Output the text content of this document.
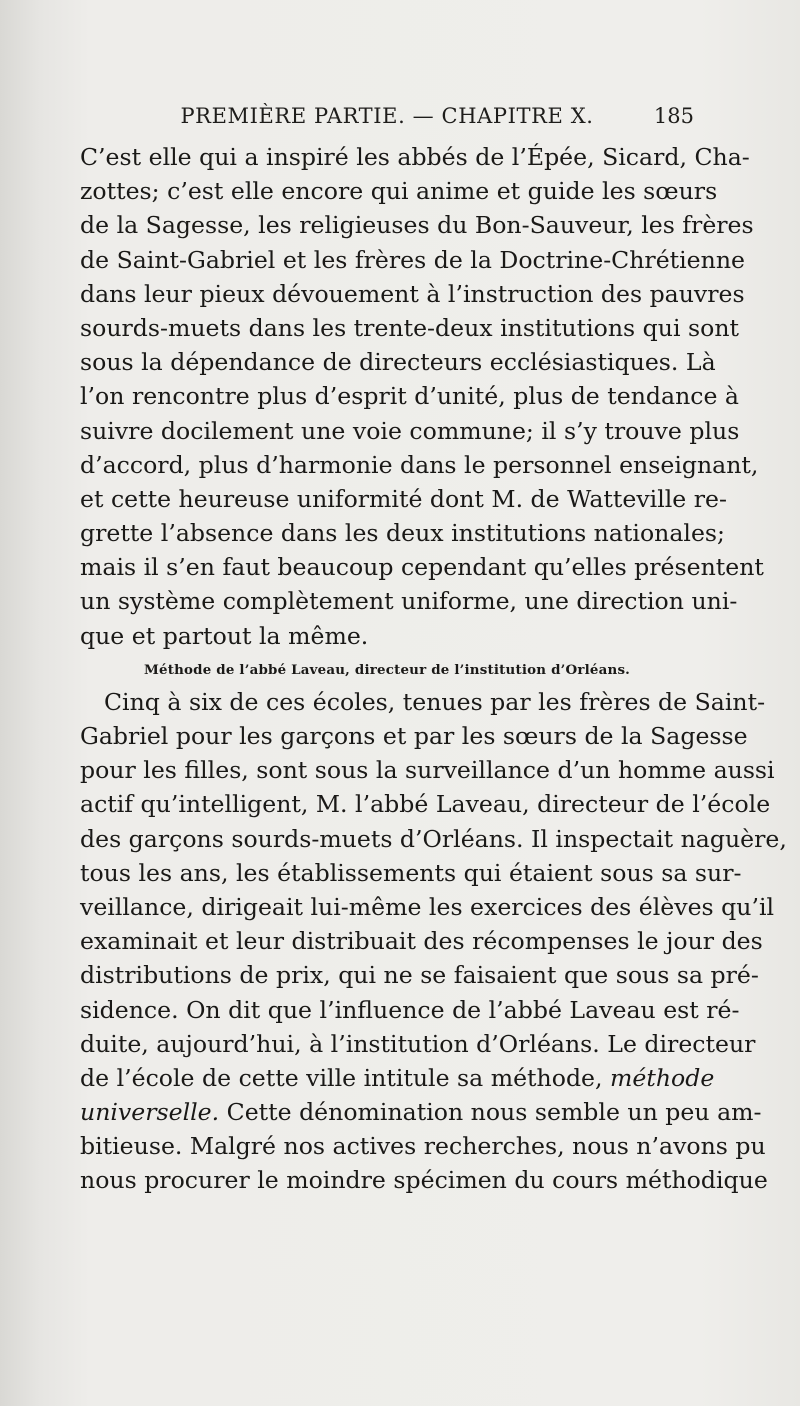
PREMIÈRE PARTIE. — CHAPITRE X.	185
C’est elle qui a inspiré les abbés de l’Épée, Sicard, Cha-
zottes; c’est elle encore qui anime et guide les sœurs
de la Sagesse, les religieuses du Bon-Sauveur, les frères
de Saint-Gabriel et les frères de la Doctrine-Chrétienne
dans leur pieux dévouement à l’instruction des pauvres
sourds-muets dans les trente-deux institutions qui sont
sous la dépendance de directeurs ecclésiastiques. Là
l’on rencontre plus d’esprit d’unité, plus de tendance à
suivre docilement une voie commune; il s’y trouve plus
d’accord, plus d’harmonie dans le personnel enseignant,
et cette heureuse uniformité dont M. de Watteville re-
grette l’absence dans les deux institutions nationales;
mais il s’en faut beaucoup cependant qu’elles présentent
un système complètement uniforme, une direction uni-
que et partout la même.
Méthode de l’abbé Laveau, directeur de l’institution d’Orléans.
Cinq à six de ces écoles, tenues par les frères de Saint-
Gabriel pour les garçons et par les sœurs de la Sagesse
pour les filles, sont sous la surveillance d’un homme aussi
actif qu’intelligent, M. l’abbé Laveau, directeur de l’école
des garçons sourds-muets d’Orléans. Il inspectait naguère,
tous les ans, les établissements qui étaient sous sa sur-
veillance, dirigeait lui-même les exercices des élèves qu’il
examinait et leur distribuait des récompenses le jour des
distributions de prix, qui ne se faisaient que sous sa pré-
sidence. On dit que l’influence de l’abbé Laveau est ré-
duite, aujourd’hui, à l’institution d’Orléans. Le directeur
de l’école de cette ville intitule sa méthode, méthode
universelle. Cette dénomination nous semble un peu am-
bitieuse. Malgré nos actives recherches, nous n’avons pu
nous procurer le moindre spécimen du cours méthodique
